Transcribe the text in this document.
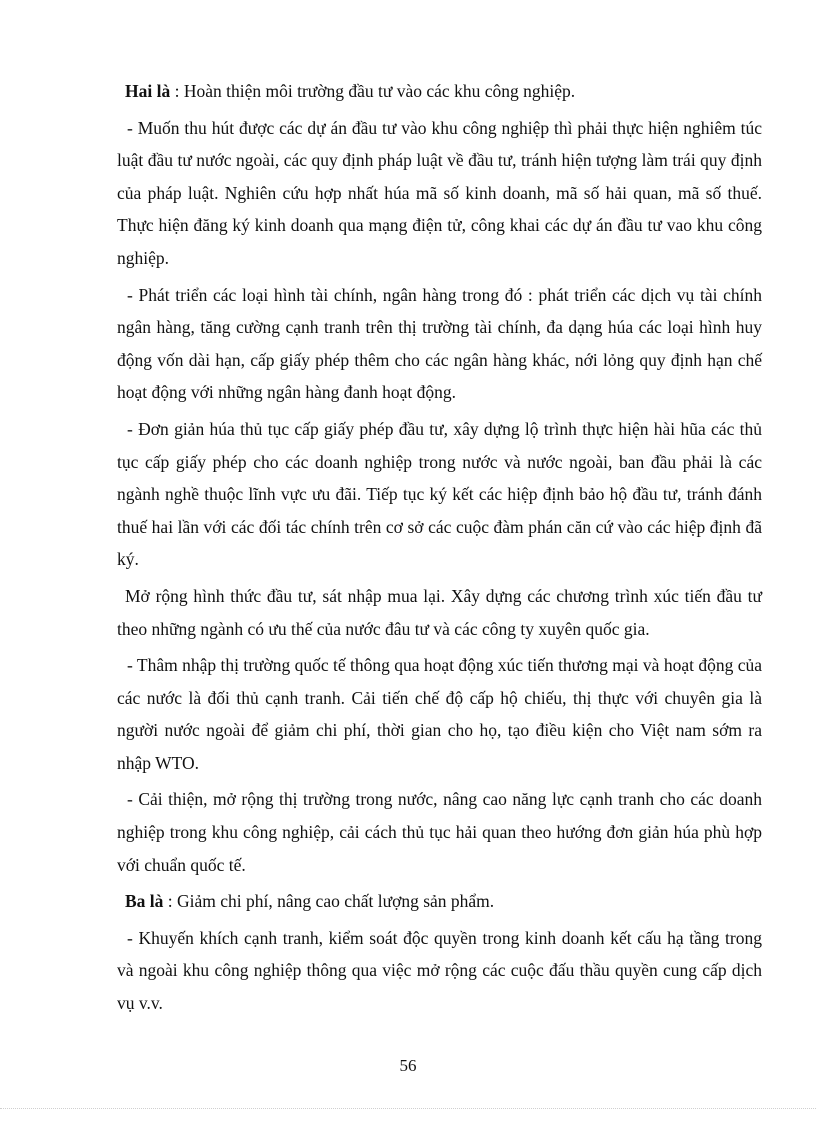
Hai là : Hoàn thiện môi trường đầu tư vào các khu công nghiệp.

- Muốn thu hút được các dự án đầu tư vào khu công nghiệp thì phải thực hiện nghiêm túc luật đầu tư nước ngoài, các quy định pháp luật về đầu tư, tránh hiện tượng làm trái quy định của pháp luật. Nghiên cứu hợp nhất húa mã số kinh doanh, mã số hải quan, mã số thuế. Thực hiện đăng ký kinh doanh qua mạng điện tử, công khai các dự án đầu tư vao khu công nghiệp.

- Phát triển các loại hình tài chính, ngân hàng trong đó : phát triển các dịch vụ tài chính ngân hàng, tăng cường cạnh tranh trên thị trường tài chính, đa dạng húa các loại hình huy động vốn dài hạn, cấp giấy phép thêm cho các ngân hàng khác, nới lỏng quy định hạn chế hoạt động với những ngân hàng đanh hoạt động.

- Đơn giản húa thủ tục cấp giấy phép đầu tư, xây dựng lộ trình thực hiện hài hũa các thủ tục cấp giấy phép cho các doanh nghiệp trong nước và nước ngoài, ban đầu phải là các ngành nghề thuộc lĩnh vực ưu đãi. Tiếp tục ký kết các hiệp định bảo hộ đầu tư, tránh đánh thuế hai lần với các đối tác chính trên cơ sở các cuộc đàm phán căn cứ vào các hiệp định đã ký.

Mở rộng hình thức đầu tư, sát nhập mua lại. Xây dựng các chương trình xúc tiến đầu tư theo những ngành có ưu thế của nước đâu tư và các công ty xuyên quốc gia.

- Thâm nhập thị trường quốc tế thông qua hoạt động xúc tiến thương mại và hoạt động của các nước là đối thủ cạnh tranh. Cải tiến chế độ cấp hộ chiếu, thị thực với chuyên gia là người nước ngoài để giảm chi phí, thời gian cho họ, tạo điều kiện cho Việt nam sớm ra nhập WTO.

- Cải thiện, mở rộng thị trường trong nước, nâng cao năng lực cạnh tranh cho các doanh nghiệp trong khu công nghiệp, cải cách thủ tục hải quan theo hướng đơn giản húa phù hợp với chuẩn quốc tế.

Ba là : Giảm chi phí, nâng cao chất lượng sản phẩm.

- Khuyến khích cạnh tranh, kiểm soát độc quyền trong kinh doanh kết cấu hạ tầng trong và ngoài khu công nghiệp thông qua việc mở rộng các cuộc đấu thầu quyền cung cấp dịch vụ v.v.

56
